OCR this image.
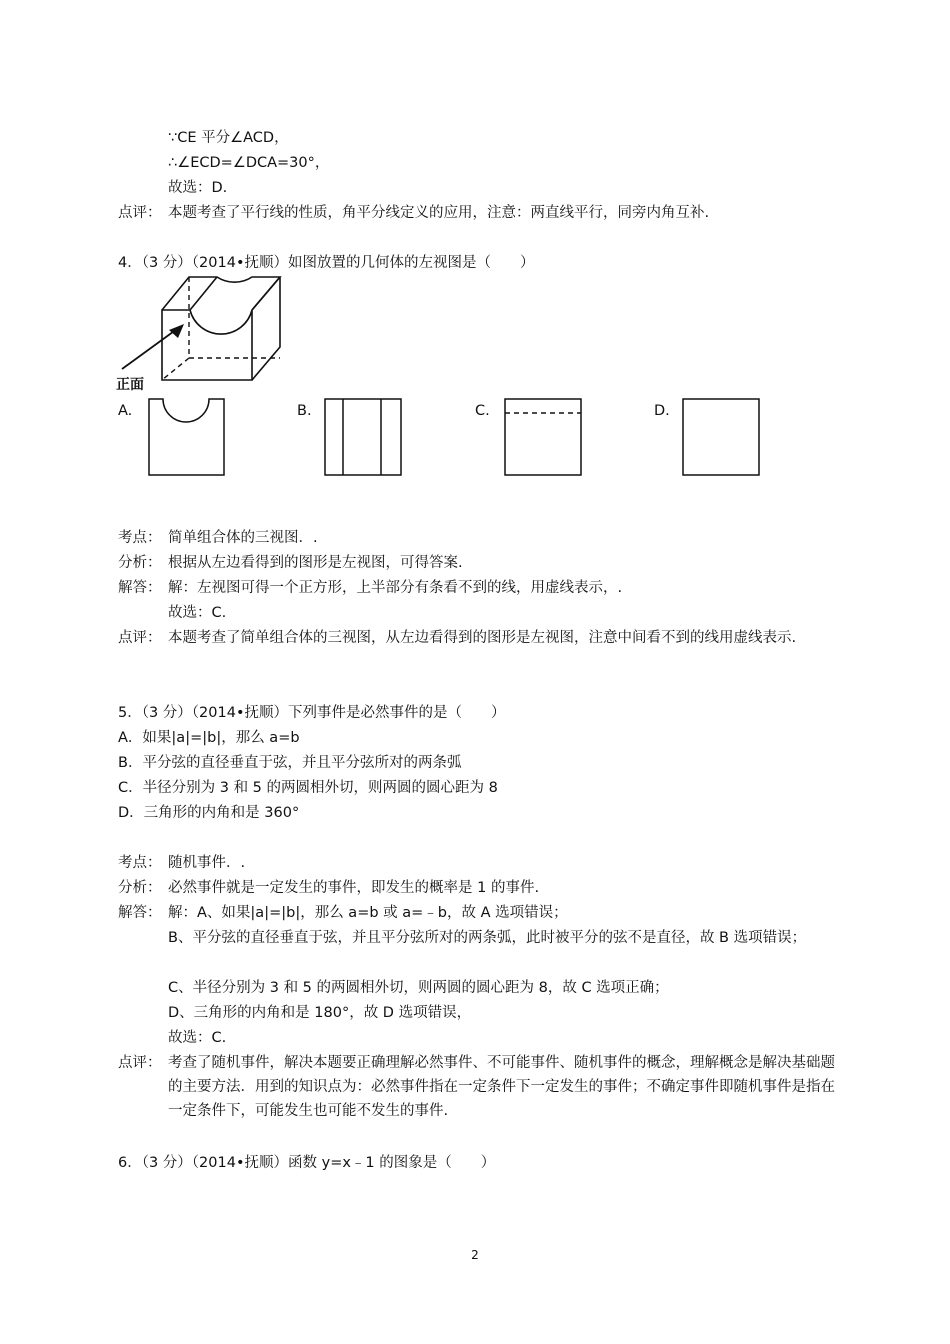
∵CE 平分∠ACD，
∴∠ECD=∠DCA=30°，
故选：D.
点评： 本题考查了平行线的性质，角平分线定义的应用，注意：两直线平行，同旁内角互补.
4．（3 分）（2014•抚顺）如图放置的几何体的左视图是（　　）
正面
A.	B.	C.	D.
考点： 简单组合体的三视图．.
分析： 根据从左边看得到的图形是左视图，可得答案.
解答： 解：左视图可得一个正方形，上半部分有条看不到的线，用虚线表示，.
故选：C.
点评： 本题考查了简单组合体的三视图，从左边看得到的图形是左视图，注意中间看不到的线用虚线表示.
5．（3 分）（2014•抚顺）下列事件是必然事件的是（　　）
A．如果|a|=|b|，那么 a=b
B．平分弦的直径垂直于弦，并且平分弦所对的两条弧
C．半径分别为 3 和 5 的两圆相外切，则两圆的圆心距为 8
D．三角形的内角和是 360°
考点： 随机事件．.
分析： 必然事件就是一定发生的事件，即发生的概率是 1 的事件.
解答： 解：A、如果|a|=|b|，那么 a=b 或 a=﹣b，故 A 选项错误；
B、平分弦的直径垂直于弦，并且平分弦所对的两条弧，此时被平分的弦不是直径，故 B 选项错误；
C、半径分别为 3 和 5 的两圆相外切，则两圆的圆心距为 8，故 C 选项正确；
D、三角形的内角和是 180°，故 D 选项错误，
故选：C.
点评： 考查了随机事件，解决本题要正确理解必然事件、不可能事件、随机事件的概念，理解概念是解决基础题的主要方法．用到的知识点为：必然事件指在一定条件下一定发生的事件；不确定事件即随机事件是指在一定条件下，可能发生也可能不发生的事件.
6．（3 分）（2014•抚顺）函数 y=x﹣1 的图象是（　　）
2
